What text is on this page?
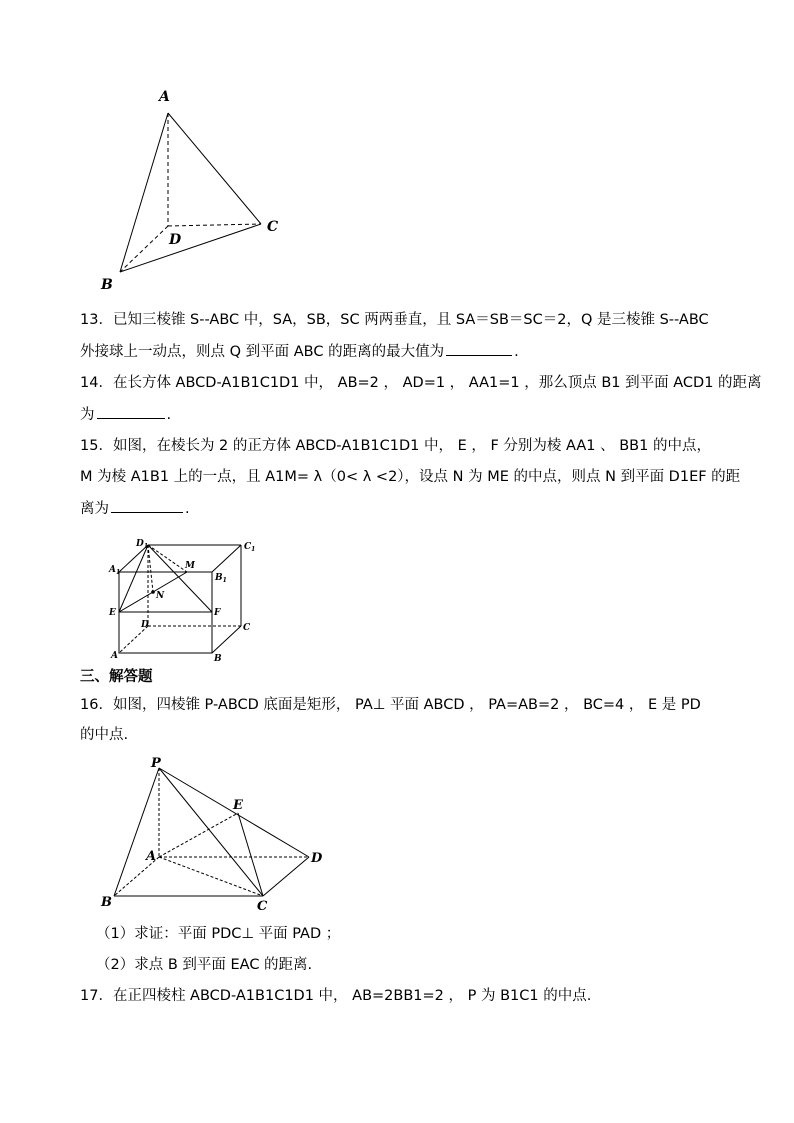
A
D
C
B
13．已知三棱锥 S--ABC 中，SA，SB，SC 两两垂直，且 SA＝SB＝SC＝2，Q 是三棱锥 S--ABC
外接球上一动点，则点 Q 到平面 ABC 的距离的最大值为	.
14．在长方体 ABCD-A1B1C1D1 中， AB=2 ， AD=1 ， AA1=1 ，那么顶点 B1 到平面 ACD1 的距离
为	.
15．如图，在棱长为 2 的正方体 ABCD-A1B1C1D1 中， E ， F 分别为棱 AA1 、 BB1 的中点，
M 为棱 A1B1 上的一点，且 A1M= λ（0< λ <2），设点 N 为 ME 的中点，则点 N 到平面 D1EF 的距
离为	.
$D_1$	$C_1$
$A_1$
$B_1$
M
N
E	F
D	C
A	B
三、解答题
16．如图，四棱锥 P-ABCD 底面是矩形， PA⊥ 平面 ABCD ， PA=AB=2 ， BC=4 ， E 是 PD
的中点.
P
E
A	D
B	C
（1）求证：平面 PDC⊥ 平面 PAD ；
（2）求点 B 到平面 EAC 的距离.
17．在正四棱柱 ABCD-A1B1C1D1 中， AB=2BB1=2 ， P 为 B1C1 的中点.
